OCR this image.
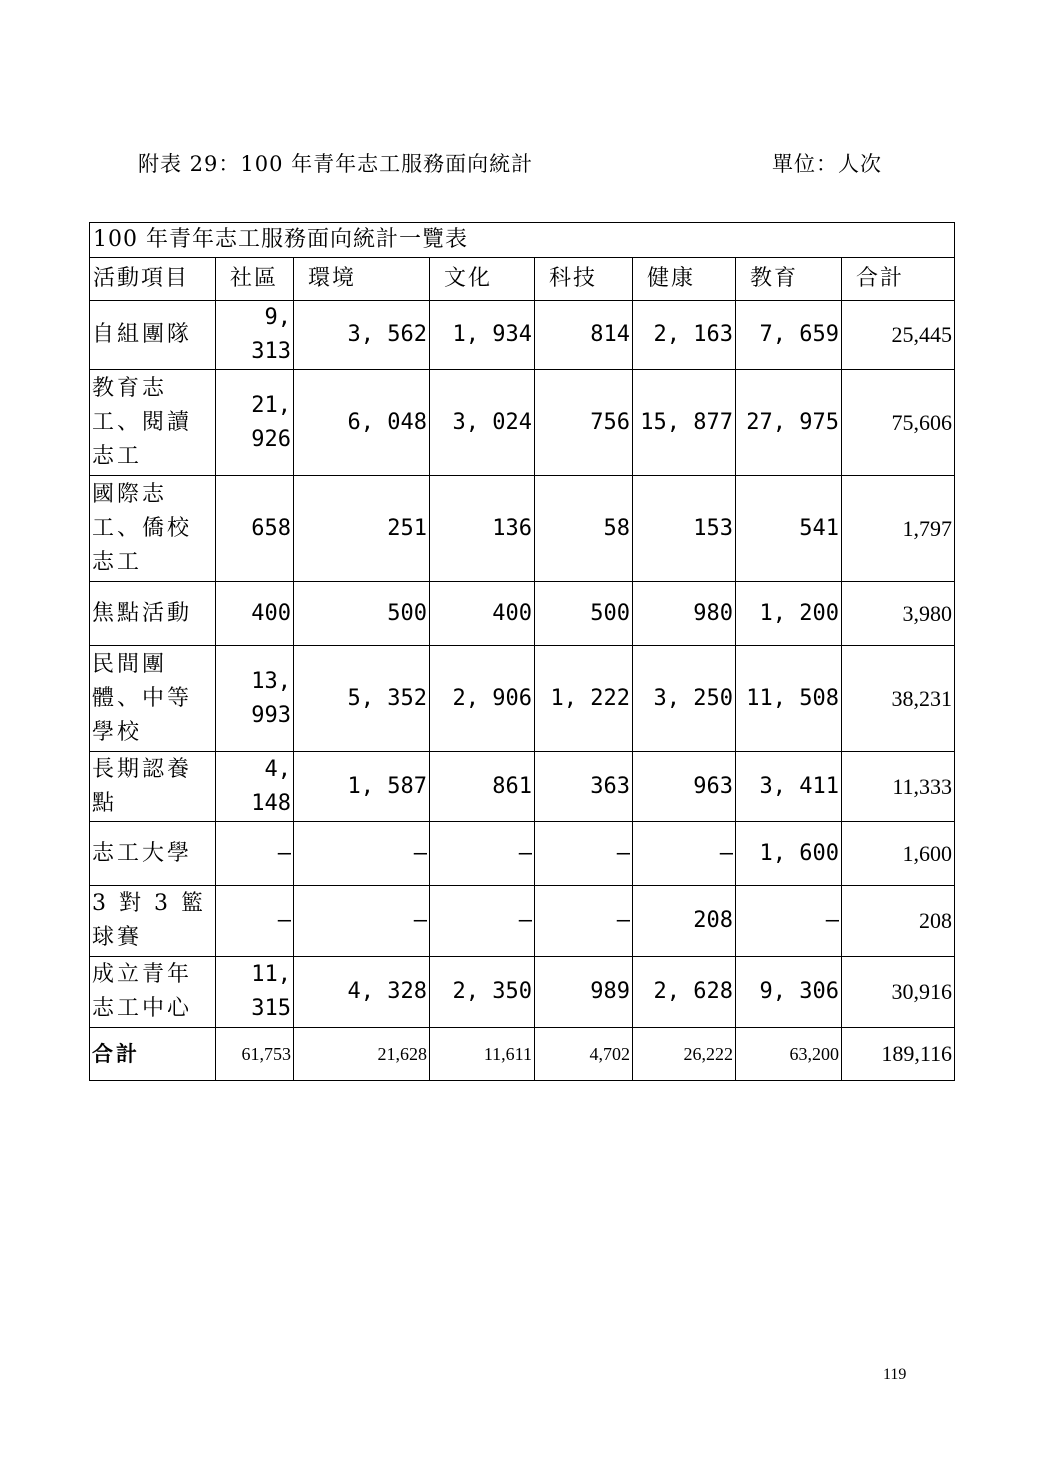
附表 29：100 年青年志工服務面向統計	單位：人次
100 年青年志工服務面向統計一覽表							
活動項目	社區	環境	文化	科技	健康	教育	合計
自組團隊	9, 313	3, 562	1, 934	814	2, 163	7, 659	25,445
教育志工、閱讀志工	21, 926	6, 048	3, 024	756	15, 877	27, 975	75,606
國際志工、僑校志工	658	251	136	58	153	541	1,797
焦點活動	400	500	400	500	980	1, 200	3,980
民間團體、中等學校	13, 993	5, 352	2, 906	1, 222	3, 250	11, 508	38,231
長期認養點	4, 148	1, 587	861	363	963	3, 411	11,333
志工大學	–	–	–	–	–	1, 600	1,600
3 對 3 籃球賽	–	–	–	–	208	–	208
成立青年志工中心	11, 315	4, 328	2, 350	989	2, 628	9, 306	30,916
合計	61,753	21,628	11,611	4,702	26,222	63,200	189,116
119
